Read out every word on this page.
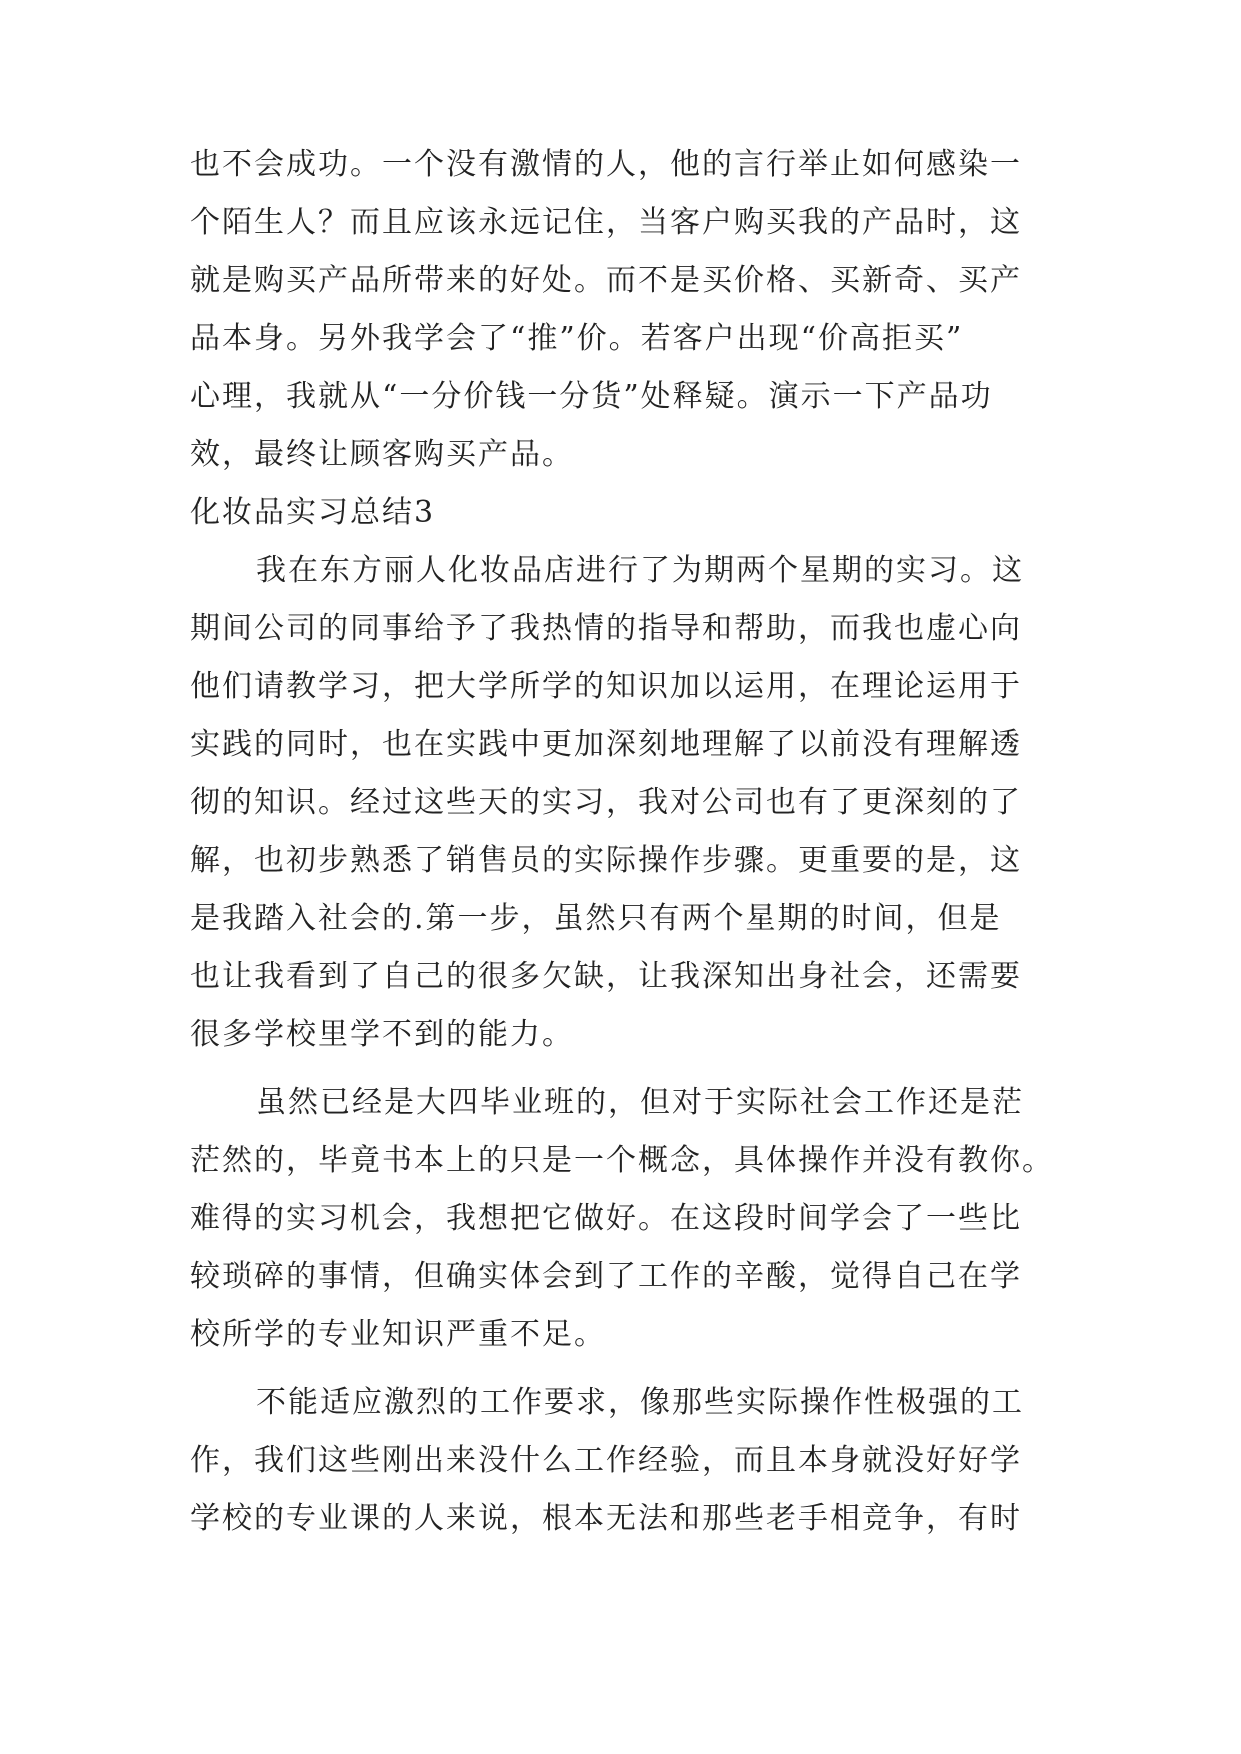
也不会成功。一个没有激情的人，他的言行举止如何感染一
个陌生人？而且应该永远记住，当客户购买我的产品时，这
就是购买产品所带来的好处。而不是买价格、买新奇、买产
品本身。另外我学会了“推”价。若客户出现“价高拒买”
心理，我就从“一分价钱一分货”处释疑。演示一下产品功
效，最终让顾客购买产品。
化妆品实习总结3
我在东方丽人化妆品店进行了为期两个星期的实习。这
期间公司的同事给予了我热情的指导和帮助，而我也虚心向
他们请教学习，把大学所学的知识加以运用，在理论运用于
实践的同时，也在实践中更加深刻地理解了以前没有理解透
彻的知识。经过这些天的实习，我对公司也有了更深刻的了
解，也初步熟悉了销售员的实际操作步骤。更重要的是，这
是我踏入社会的.第一步，虽然只有两个星期的时间，但是
也让我看到了自己的很多欠缺，让我深知出身社会，还需要
很多学校里学不到的能力。
虽然已经是大四毕业班的，但对于实际社会工作还是茫
茫然的，毕竟书本上的只是一个概念，具体操作并没有教你。
难得的实习机会，我想把它做好。在这段时间学会了一些比
较琐碎的事情，但确实体会到了工作的辛酸，觉得自己在学
校所学的专业知识严重不足。
不能适应激烈的工作要求，像那些实际操作性极强的工
作，我们这些刚出来没什么工作经验，而且本身就没好好学
学校的专业课的人来说，根本无法和那些老手相竞争，有时
